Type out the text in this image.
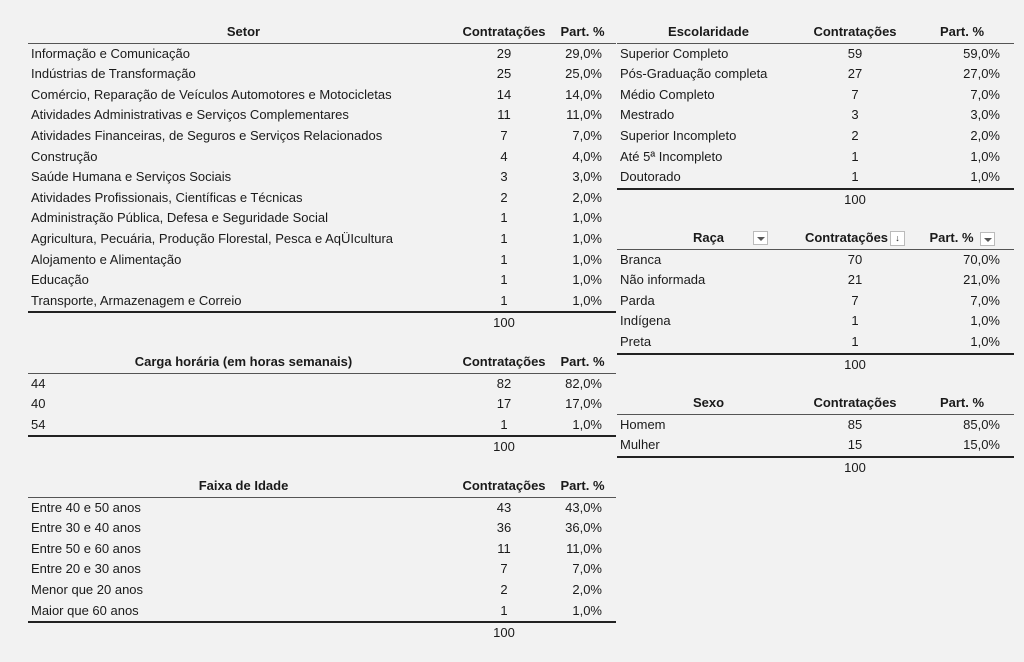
Setor	Contratações	Part. %
Informação e Comunicação	29	29,0%
Indústrias de Transformação	25	25,0%
Comércio, Reparação de Veículos Automotores e Motocicletas	14	14,0%
Atividades Administrativas e Serviços Complementares	11	11,0%
Atividades Financeiras, de Seguros e Serviços Relacionados	7	7,0%
Construção	4	4,0%
Saúde Humana e Serviços Sociais	3	3,0%
Atividades Profissionais, Científicas e Técnicas	2	2,0%
Administração Pública, Defesa e Seguridade Social	1	1,0%
Agricultura, Pecuária, Produção Florestal, Pesca e AqÜIcultura	1	1,0%
Alojamento e Alimentação	1	1,0%
Educação	1	1,0%
Transporte, Armazenagem e Correio	1	1,0%
100
Carga horária (em horas semanais)	Contratações	Part. %
44	82	82,0%
40	17	17,0%
54	1	1,0%
100
Faixa de Idade	Contratações	Part. %
Entre 40 e 50 anos	43	43,0%
Entre 30 e 40 anos	36	36,0%
Entre 50 e 60 anos	11	11,0%
Entre 20 e 30 anos	7	7,0%
Menor que 20 anos	2	2,0%
Maior que 60 anos	1	1,0%
100
Escolaridade	Contratações	Part. %
Superior Completo	59	59,0%
Pós-Graduação completa	27	27,0%
Médio Completo	7	7,0%
Mestrado	3	3,0%
Superior Incompleto	2	2,0%
Até 5ª Incompleto	1	1,0%
Doutorado	1	1,0%
100
Raça	Contratações ↓	Part. %
Branca	70	70,0%
Não informada	21	21,0%
Parda	7	7,0%
Indígena	1	1,0%
Preta	1	1,0%
100
Sexo	Contratações	Part. %
Homem	85	85,0%
Mulher	15	15,0%
100
